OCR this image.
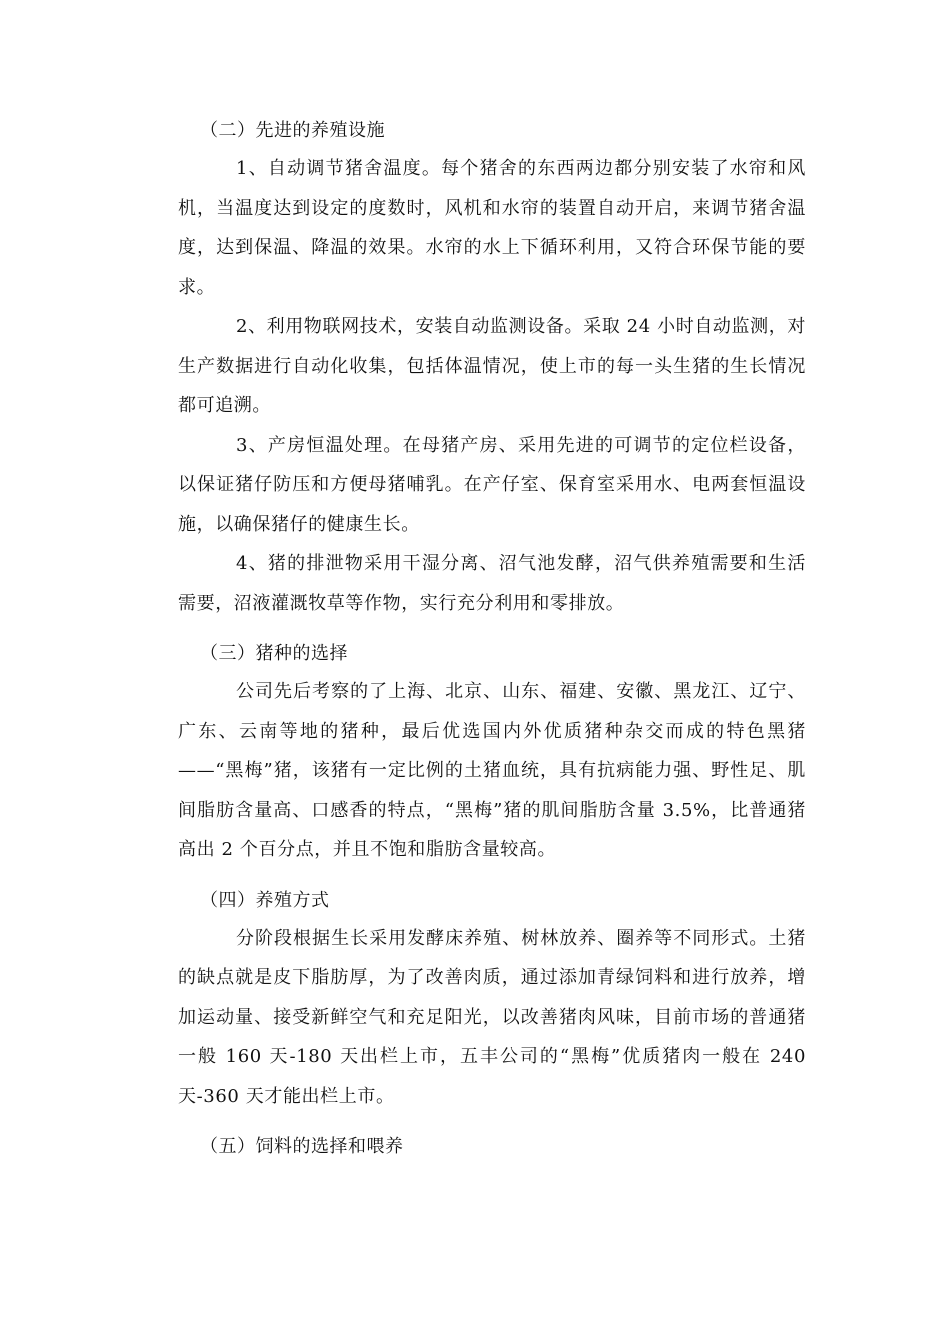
（二）先进的养殖设施

1、自动调节猪舍温度。每个猪舍的东西两边都分别安装了水帘和风机，当温度达到设定的度数时，风机和水帘的装置自动开启，来调节猪舍温度，达到保温、降温的效果。水帘的水上下循环利用，又符合环保节能的要求。

2、利用物联网技术，安装自动监测设备。采取 24 小时自动监测，对生产数据进行自动化收集，包括体温情况，使上市的每一头生猪的生长情况都可追溯。

3、产房恒温处理。在母猪产房、采用先进的可调节的定位栏设备，以保证猪仔防压和方便母猪哺乳。在产仔室、保育室采用水、电两套恒温设施，以确保猪仔的健康生长。

4、猪的排泄物采用干湿分离、沼气池发酵，沼气供养殖需要和生活需要，沼液灌溉牧草等作物，实行充分利用和零排放。

（三）猪种的选择

公司先后考察的了上海、北京、山东、福建、安徽、黑龙江、辽宁、广东、云南等地的猪种，最后优选国内外优质猪种杂交而成的特色黑猪——“黑梅”猪，该猪有一定比例的土猪血统，具有抗病能力强、野性足、肌间脂肪含量高、口感香的特点，“黑梅”猪的肌间脂肪含量 3.5%，比普通猪高出 2 个百分点，并且不饱和脂肪含量较高。

（四）养殖方式

分阶段根据生长采用发酵床养殖、树林放养、圈养等不同形式。土猪的缺点就是皮下脂肪厚，为了改善肉质，通过添加青绿饲料和进行放养，增加运动量、接受新鲜空气和充足阳光，以改善猪肉风味，目前市场的普通猪一般 160 天-180 天出栏上市，五丰公司的“黑梅”优质猪肉一般在 240 天-360 天才能出栏上市。

（五）饲料的选择和喂养
